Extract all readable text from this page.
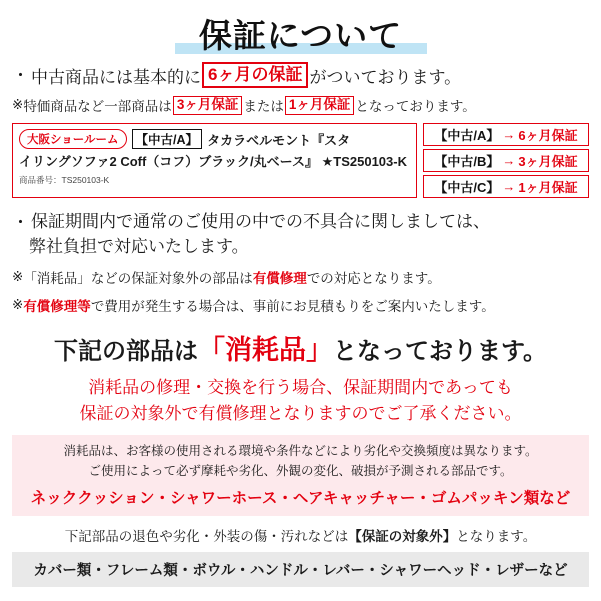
保証について
・ 中古商品には基本的に 6ヶ月の保証 がついております。
※ 特価商品など一部商品は 3ヶ月保証 または 1ヶ月保証 となっております。
大阪ショールーム	【中古/A】 タカラベルモント『スタ
イリングソファ2 Coff（コフ）ブラック/丸ベース』 ★TS250103-K
商品番号：TS250103-K
【中古/A】 → 6ヶ月保証
【中古/B】 → 3ヶ月保証
【中古/C】 → 1ヶ月保証
・ 保証期間内で通常のご使用の中での不具合に関しましては、
弊社負担で対応いたします。
※ 「消耗品」 などの保証対象外の部品は 有償修理 での対応となります。
※ 有償修理等 で費用が発生する場合は、事前にお見積もりをご案内いたします。
下記の部品は「消耗品」となっております。
消耗品の修理・交換を行う場合、保証期間内であっても
保証の対象外で有償修理となりますのでご了承ください。
消耗品は、お客様の使用される環境や条件などにより劣化や交換頻度は異なります。
ご使用によって必ず摩耗や劣化、外観の変化、破損が予測される部品です。
ネッククッション・シャワーホース・ヘアキャッチャー・ゴムパッキン類など
下記部品の退色や劣化・外装の傷・汚れなどは【保証の対象外】となります。
カバー類・フレーム類・ボウル・ハンドル・レバー・シャワーヘッド・レザーなど
